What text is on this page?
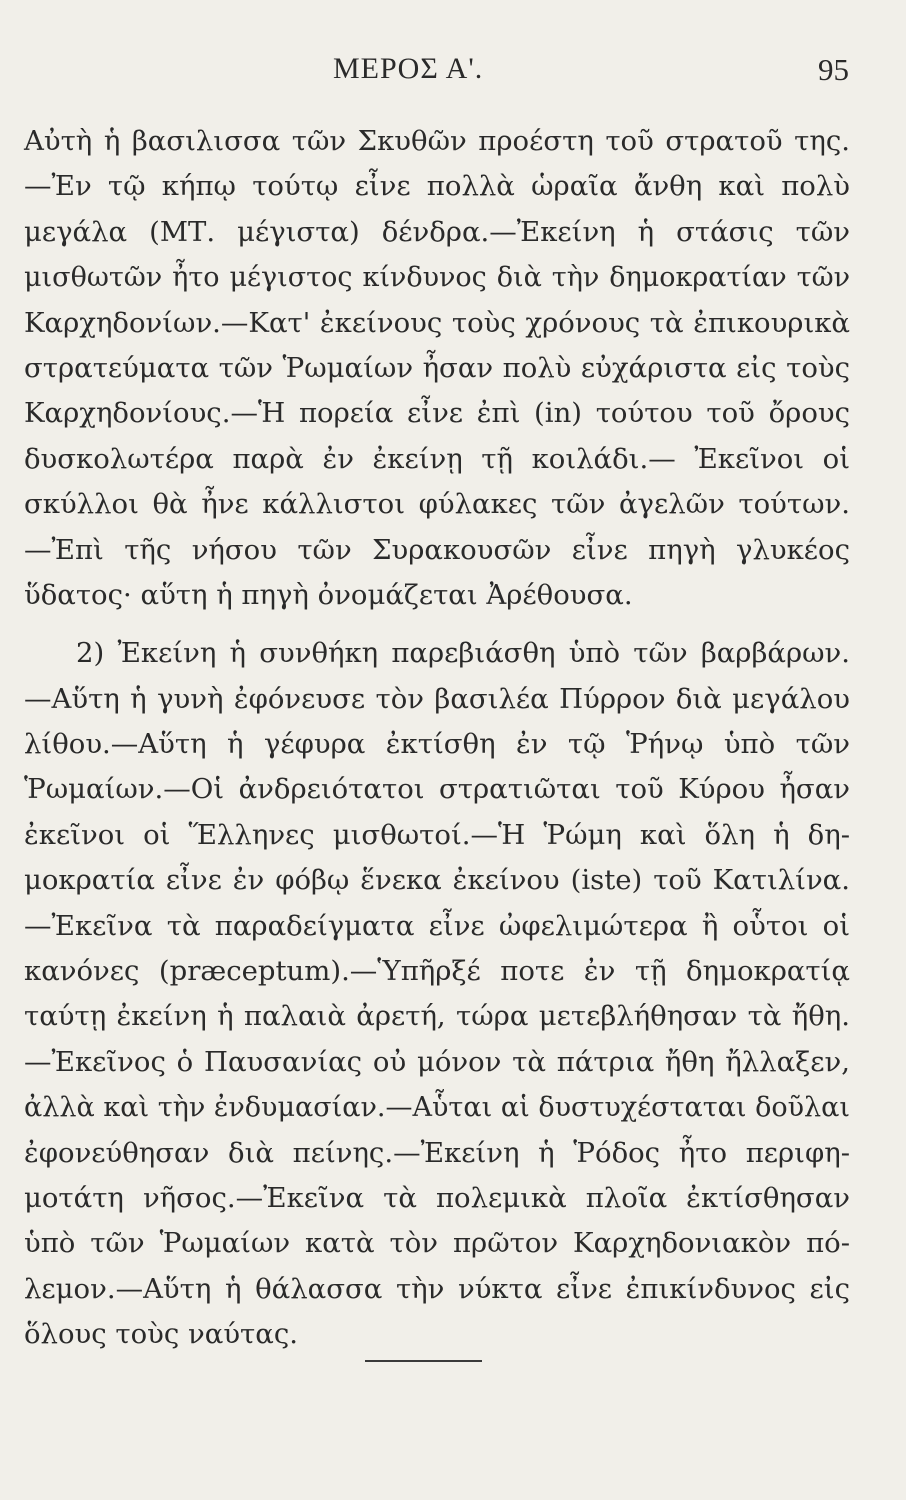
ΜΕΡΟΣ Α'.	95
Αὐτὴ ἡ βασιλισσα τῶν Σκυθῶν προέστη τοῦ στρατοῦ της.
—Ἐν τῷ κήπῳ τούτῳ εἶνε πολλὰ ὡραῖα ἄνθη καὶ πολὺ
μεγάλα (ΜΤ. μέγιστα) δένδρα.—Ἐκείνη ἡ στάσις τῶν
μισθωτῶν ἦτο μέγιστος κίνδυνος διὰ τὴν δημοκρατίαν τῶν
Καρχηδονίων.—Κατ' ἐκείνους τοὺς χρόνους τὰ ἐπικουρικὰ
στρατεύματα τῶν Ῥωμαίων ἦσαν πολὺ εὐχάριστα εἰς τοὺς
Καρχηδονίους.—Ἡ πορεία εἶνε ἐπὶ (in) τούτου τοῦ ὄρους
δυσκολωτέρα παρὰ ἐν ἐκείνῃ τῇ κοιλάδι.— Ἐκεῖνοι οἱ
σκύλλοι θὰ ἦνε κάλλιστοι φύλακες τῶν ἀγελῶν τούτων.
—Ἐπὶ τῆς νήσου τῶν Συρακουσῶν εἶνε πηγὴ γλυκέος
ὕδατος· αὕτη ἡ πηγὴ ὀνομάζεται Ἀρέθουσα.
2) Ἐκείνη ἡ συνθήκη παρεβιάσθη ὑπὸ τῶν βαρβάρων.
—Αὕτη ἡ γυνὴ ἐφόνευσε τὸν βασιλέα Πύρρον διὰ μεγάλου
λίθου.—Αὕτη ἡ γέφυρα ἐκτίσθη ἐν τῷ Ῥήνῳ ὑπὸ τῶν
Ῥωμαίων.—Οἱ ἀνδρειότατοι στρατιῶται τοῦ Κύρου ἦσαν
ἐκεῖνοι οἱ Ἕλληνες μισθωτοί.—Ἡ Ῥώμη καὶ ὅλη ἡ δη-
μοκρατία εἶνε ἐν φόβῳ ἕνεκα ἐκείνου (iste) τοῦ Κατιλίνα.
—Ἐκεῖνα τὰ παραδείγματα εἶνε ὠφελιμώτερα ἢ οὗτοι οἱ
κανόνες (præceptum).—Ὑπῆρξέ ποτε ἐν τῇ δημοκρατίᾳ
ταύτῃ ἐκείνη ἡ παλαιὰ ἀρετή, τώρα μετεβλήθησαν τὰ ἤθη.
—Ἐκεῖνος ὁ Παυσανίας οὐ μόνον τὰ πάτρια ἤθη ἤλλαξεν,
ἀλλὰ καὶ τὴν ἐνδυμασίαν.—Αὗται αἱ δυστυχέσταται δοῦλαι
ἐφονεύθησαν διὰ πείνης.—Ἐκείνη ἡ Ῥόδος ἦτο περιφη-
μοτάτη νῆσος.—Ἐκεῖνα τὰ πολεμικὰ πλοῖα ἐκτίσθησαν
ὑπὸ τῶν Ῥωμαίων κατὰ τὸν πρῶτον Καρχηδονιακὸν πό-
λεμον.—Αὕτη ἡ θάλασσα τὴν νύκτα εἶνε ἐπικίνδυνος εἰς
ὅλους τοὺς ναύτας.
